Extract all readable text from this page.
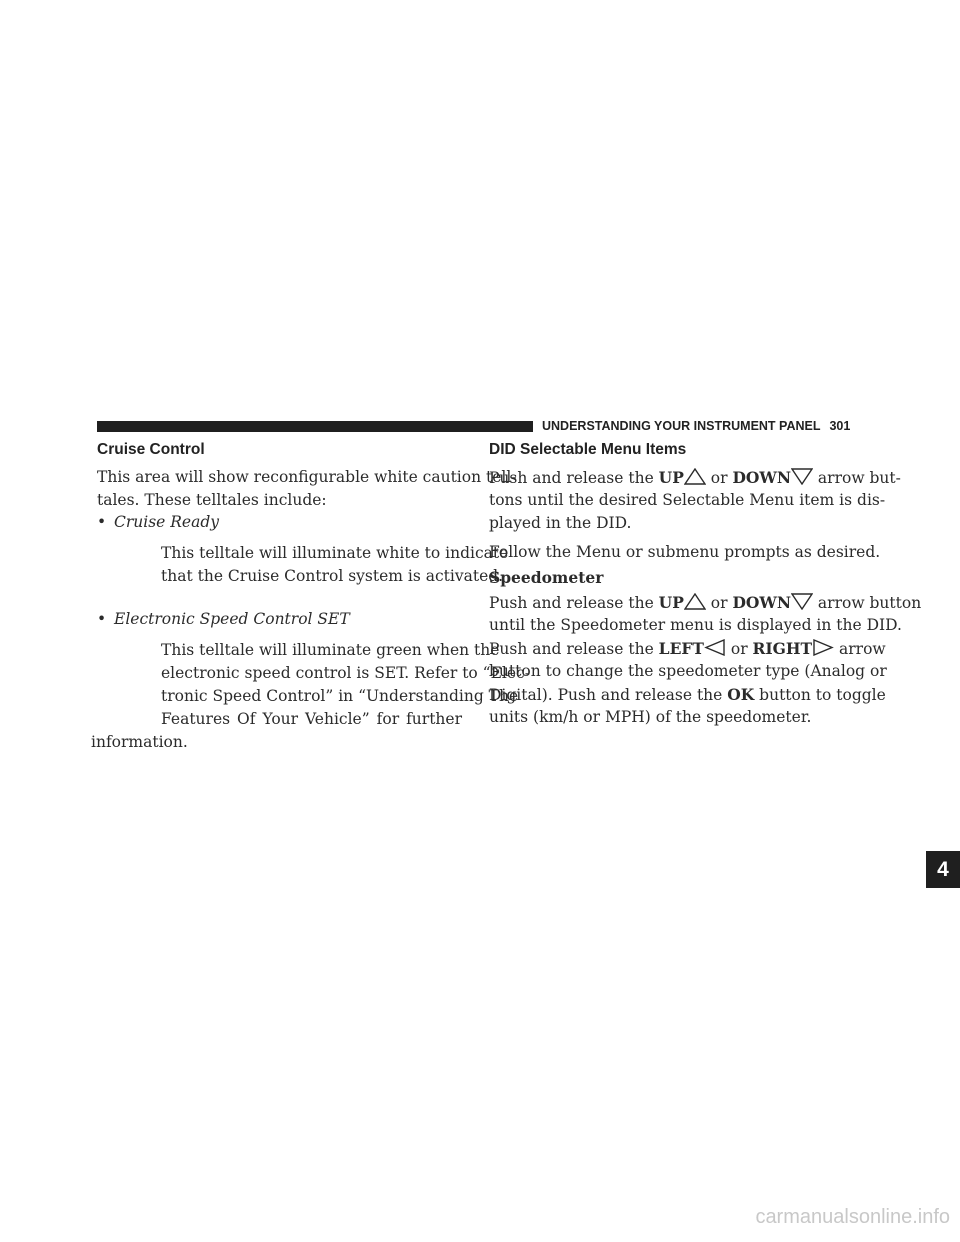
UNDERSTANDING YOUR INSTRUMENT PANEL 301
4
Cruise Control
This area will show reconfigurable white caution tell-
tales. These telltales include:
• Cruise Ready
This telltale will illuminate white to indicate
that the Cruise Control system is activated.
• Electronic Speed Control SET
This telltale will illuminate green when the
electronic speed control is SET. Refer to “Elec-
tronic Speed Control” in “Understanding The
Features Of Your Vehicle” for further
information.
DID Selectable Menu Items
Push and release the UP
or DOWN
arrow but-
tons until the desired Selectable Menu item is dis-
played in the DID.
Follow the Menu or submenu prompts as desired.
Speedometer
Push and release the UP
or DOWN
arrow button
until the Speedometer menu is displayed in the DID.
Push and release the LEFT
or RIGHT
arrow
button to change the speedometer type (Analog or
Digital). Push and release the OK button to toggle
units (km/h or MPH) of the speedometer.
carmanualsonline.info
